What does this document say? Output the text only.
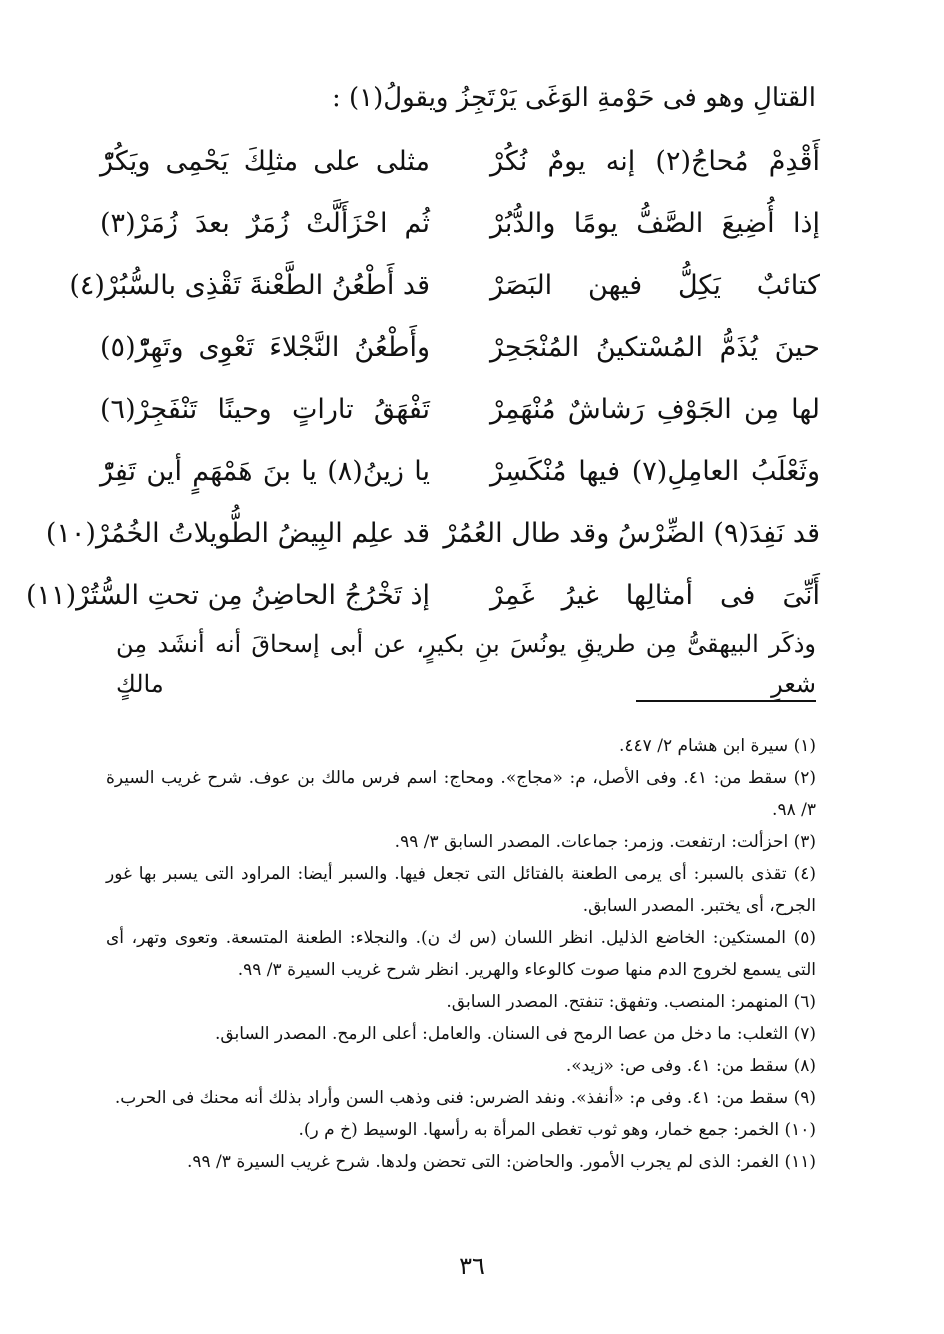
القتالِ وهو فى حَوْمةِ الوَغَى يَرْتَجِزُ ويقولُ(١) :
أَقْدِمْ مُحاجُ(٢) إنه يومٌ نُكُرْ
مثلى على مثلِكَ يَحْمِى ويَكُرّْ
إذا أُضِيعَ الصَّفُّ يومًا والدُّبُرْ
ثُم احْزَأَلَّتْ زُمَرٌ بعدَ زُمَرْ(٣)
كتائبٌ يَكِلُّ فيهن البَصَرْ
قد أَطْعُنُ الطَّعْنةَ تَقْذِى بالسُّبُرْ(٤)
حينَ يُذَمُّ المُسْتكينُ المُنْجَحِرْ
وأَطْعُنُ النَّجْلاءَ تَعْوِى وتَهِرّْ(٥)
لها مِن الجَوْفِ رَشاشٌ مُنْهَمِرْ
تَفْهَقُ تاراتٍ وحينًا تَنْفَجِرْ(٦)
وثَعْلَبُ العامِلِ(٧) فيها مُنْكَسِرْ
يا زينُ(٨) يا بنَ هَمْهَمٍ أين تَفِرّْ
قد نَفِدَ(٩) الضِّرْسُ وقد طال العُمُرْ
قد علِم البِيضُ الطُّويلاتُ الخُمُرْ(١٠)
أَنِّىَ فى أمثالِها غيرُ غَمِرْ
إذ تَخْرُجُ الحاضِنُ مِن تحتِ السُّتُرْ(١١)
وذكَر البيهقىُّ مِن طريقِ يونُسَ بنِ بكيرٍ، عن أبى إسحاقَ أنه أنشَد مِن شعرِ مالكٍ
(١) سيرة ابن هشام ٢/ ٤٤٧.
(٢) سقط من: ٤١. وفى الأصل، م: «مجاج». ومحاج: اسم فرس مالك بن عوف. شرح غريب السيرة ٣/ ٩٨.
(٣) احزألت: ارتفعت. وزمر: جماعات. المصدر السابق ٣/ ٩٩.
(٤) تقذى بالسبر: أى يرمى الطعنة بالفتائل التى تجعل فيها. والسبر أيضا: المراود التى يسبر بها غور الجرح، أى يختبر. المصدر السابق.
(٥) المستكين: الخاضع الذليل. انظر اللسان (س ك ن). والنجلاء: الطعنة المتسعة. وتعوى وتهر، أى التى يسمع لخروج الدم منها صوت كالوعاء والهرير. انظر شرح غريب السيرة ٣/ ٩٩.
(٦) المنهمر: المنصب. وتفهق: تنفتح. المصدر السابق.
(٧) الثعلب: ما دخل من عصا الرمح فى السنان. والعامل: أعلى الرمح. المصدر السابق.
(٨) سقط من: ٤١. وفى ص: «زيد».
(٩) سقط من: ٤١. وفى م: «أنفذ». ونفد الضرس: فنى وذهب السن وأراد بذلك أنه محنك فى الحرب.
(١٠) الخمر: جمع خمار، وهو ثوب تغطى المرأة به رأسها. الوسيط (خ م ر).
(١١) الغمر: الذى لم يجرب الأمور. والحاضن: التى تحضن ولدها. شرح غريب السيرة ٣/ ٩٩.
٣٦
